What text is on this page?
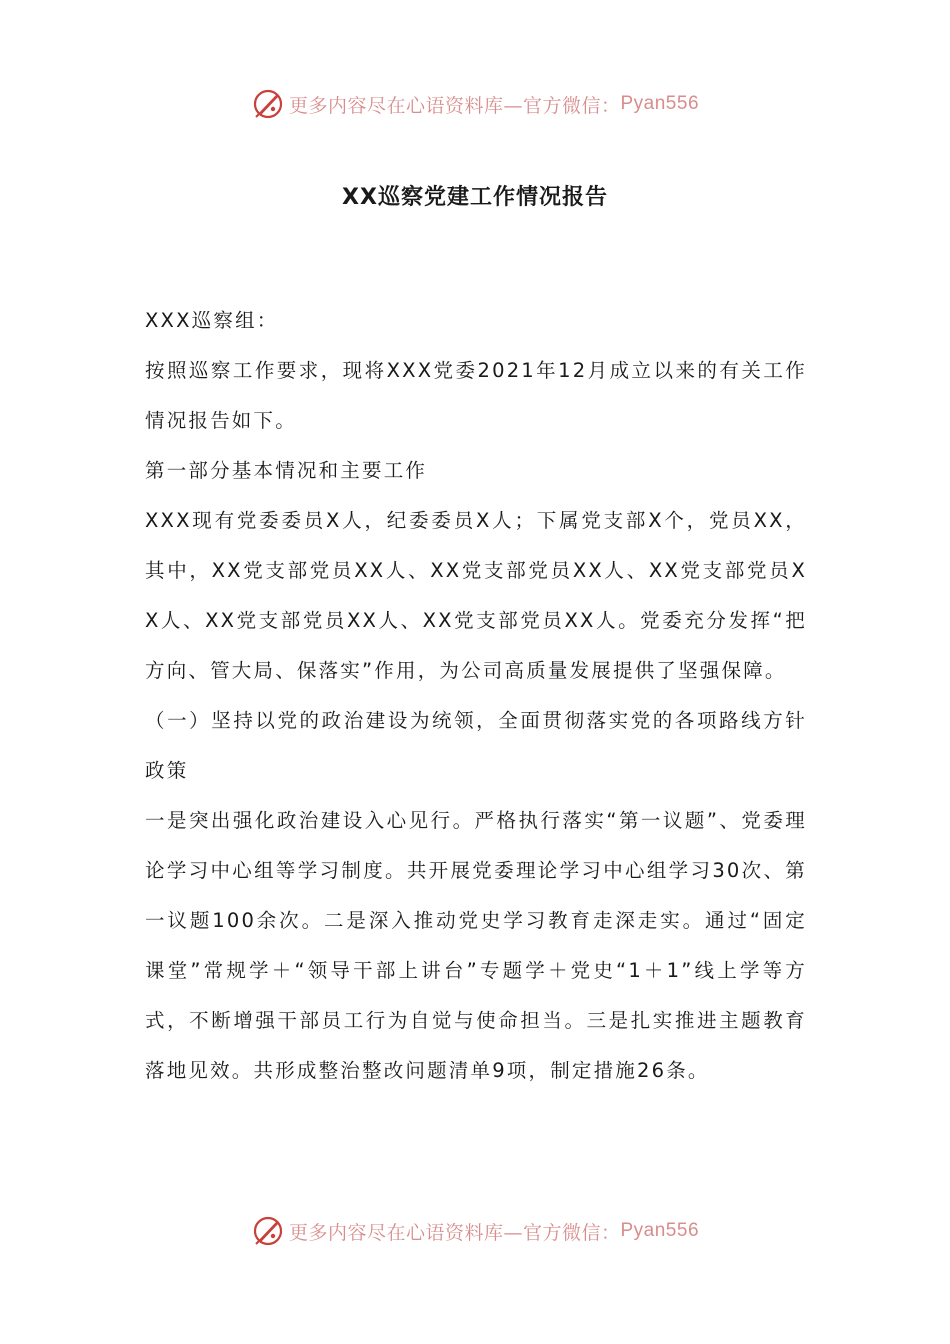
更多内容尽在心语资料库—官方微信： Pyan556
XX巡察党建工作情况报告

XXX巡察组：

按照巡察工作要求，现将XXX党委2021年12月成立以来的有关工作情况报告如下。

第一部分基本情况和主要工作

XXX现有党委委员X人，纪委委员X人；下属党支部X个，党员XX，其中，XX党支部党员XX人、XX党支部党员XX人、XX党支部党员XX人、XX党支部党员XX人、XX党支部党员XX人。党委充分发挥“把方向、管大局、保落实”作用，为公司高质量发展提供了坚强保障。

（一）坚持以党的政治建设为统领，全面贯彻落实党的各项路线方针政策

一是突出强化政治建设入心见行。严格执行落实“第一议题”、党委理论学习中心组等学习制度。共开展党委理论学习中心组学习30次、第一议题100余次。二是深入推动党史学习教育走深走实。通过“固定课堂”常规学＋“领导干部上讲台”专题学＋党史“1＋1”线上学等方式，不断增强干部员工行为自觉与使命担当。三是扎实推进主题教育落地见效。共形成整治整改问题清单9项，制定措施26条。

更多内容尽在心语资料库—官方微信： Pyan556
